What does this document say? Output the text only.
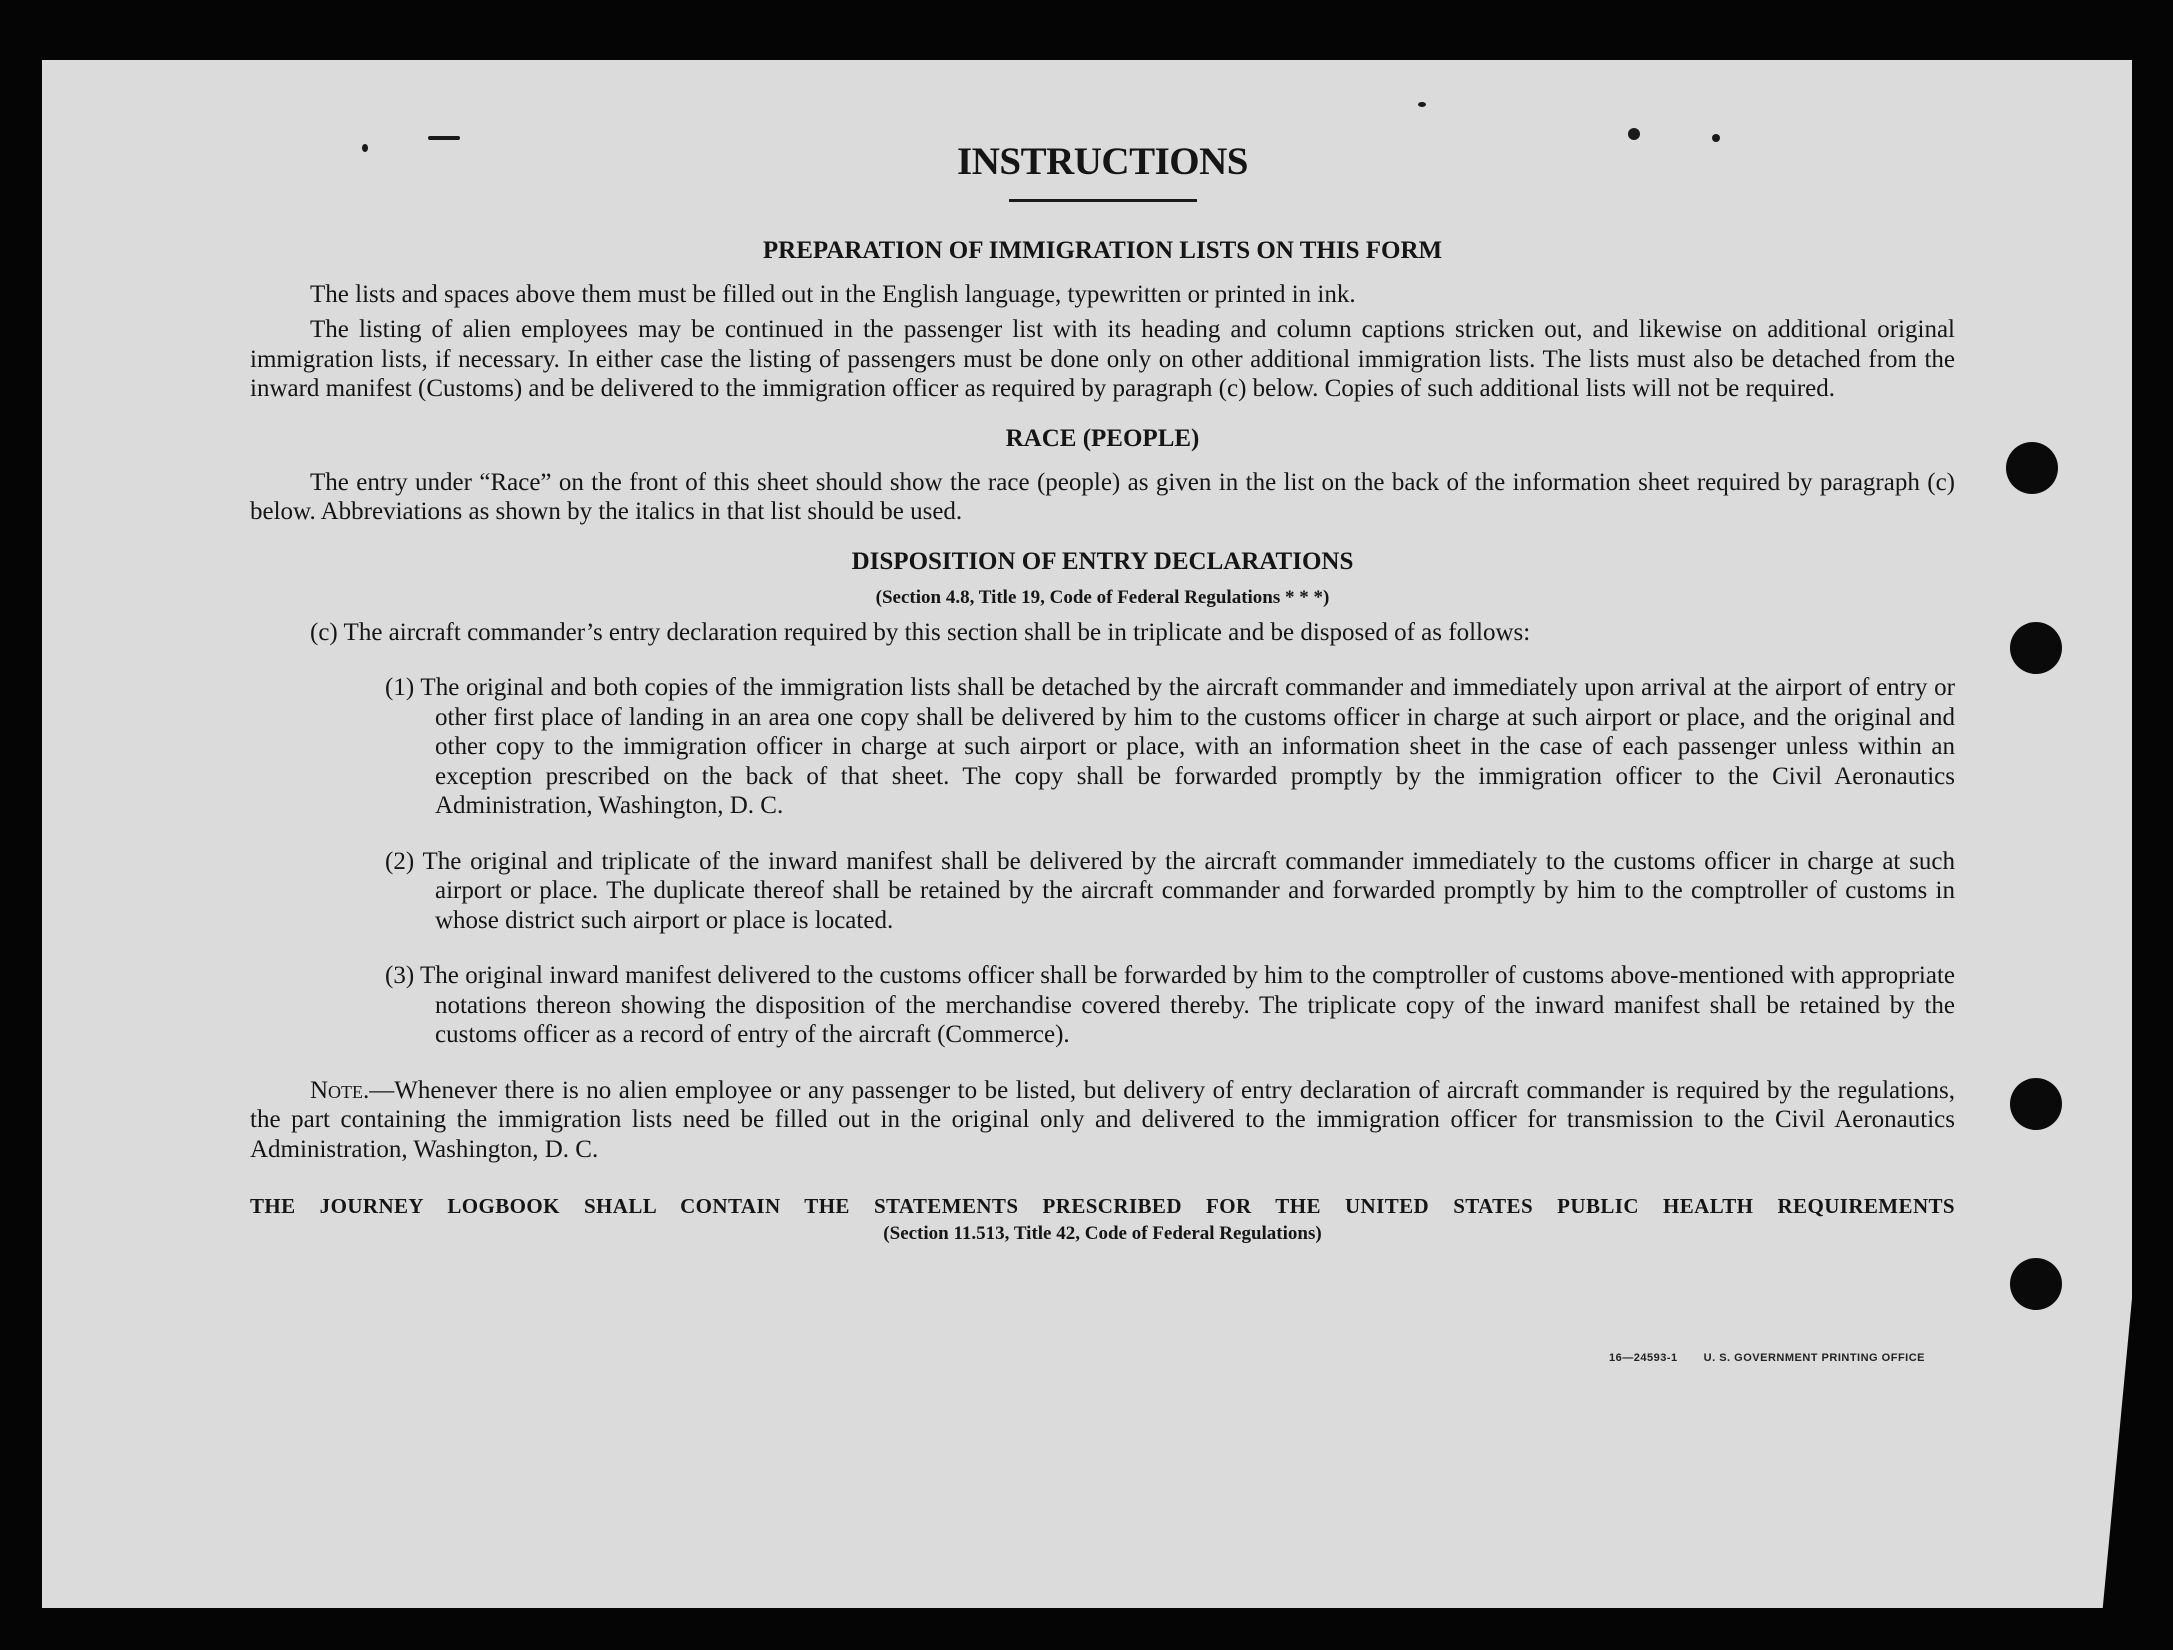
INSTRUCTIONS
PREPARATION OF IMMIGRATION LISTS ON THIS FORM

The lists and spaces above them must be filled out in the English language, typewritten or printed in ink.

The listing of alien employees may be continued in the passenger list with its heading and column captions stricken out, and likewise on additional original immigration lists, if necessary. In either case the listing of passengers must be done only on other additional immigration lists. The lists must also be detached from the inward manifest (Customs) and be delivered to the immigration officer as required by paragraph (c) below. Copies of such additional lists will not be required.

RACE (PEOPLE)

The entry under “Race” on the front of this sheet should show the race (people) as given in the list on the back of the information sheet required by paragraph (c) below. Abbreviations as shown by the italics in that list should be used.

DISPOSITION OF ENTRY DECLARATIONS

(Section 4.8, Title 19, Code of Federal Regulations * * *)

(c) The aircraft commander’s entry declaration required by this section shall be in triplicate and be disposed of as follows:

(1) The original and both copies of the immigration lists shall be detached by the aircraft commander and immediately upon arrival at the airport of entry or other first place of landing in an area one copy shall be delivered by him to the customs officer in charge at such airport or place, and the original and other copy to the immigration officer in charge at such airport or place, with an information sheet in the case of each passenger unless within an exception prescribed on the back of that sheet. The copy shall be forwarded promptly by the immigration officer to the Civil Aeronautics Administration, Washington, D. C.

(2) The original and triplicate of the inward manifest shall be delivered by the aircraft commander immediately to the customs officer in charge at such airport or place. The duplicate thereof shall be retained by the aircraft commander and forwarded promptly by him to the comptroller of customs in whose district such airport or place is located.

(3) The original inward manifest delivered to the customs officer shall be forwarded by him to the comptroller of customs above-mentioned with appropriate notations thereon showing the disposition of the merchandise covered thereby. The triplicate copy of the inward manifest shall be retained by the customs officer as a record of entry of the aircraft (Commerce).

Note.—Whenever there is no alien employee or any passenger to be listed, but delivery of entry declaration of aircraft commander is required by the regulations, the part containing the immigration lists need be filled out in the original only and delivered to the immigration officer for transmission to the Civil Aeronautics Administration, Washington, D. C.

THE JOURNEY LOGBOOK SHALL CONTAIN THE STATEMENTS PRESCRIBED FOR THE UNITED STATES PUBLIC HEALTH REQUIREMENTS

(Section 11.513, Title 42, Code of Federal Regulations)

16—24593-1 U. S. GOVERNMENT PRINTING OFFICE
